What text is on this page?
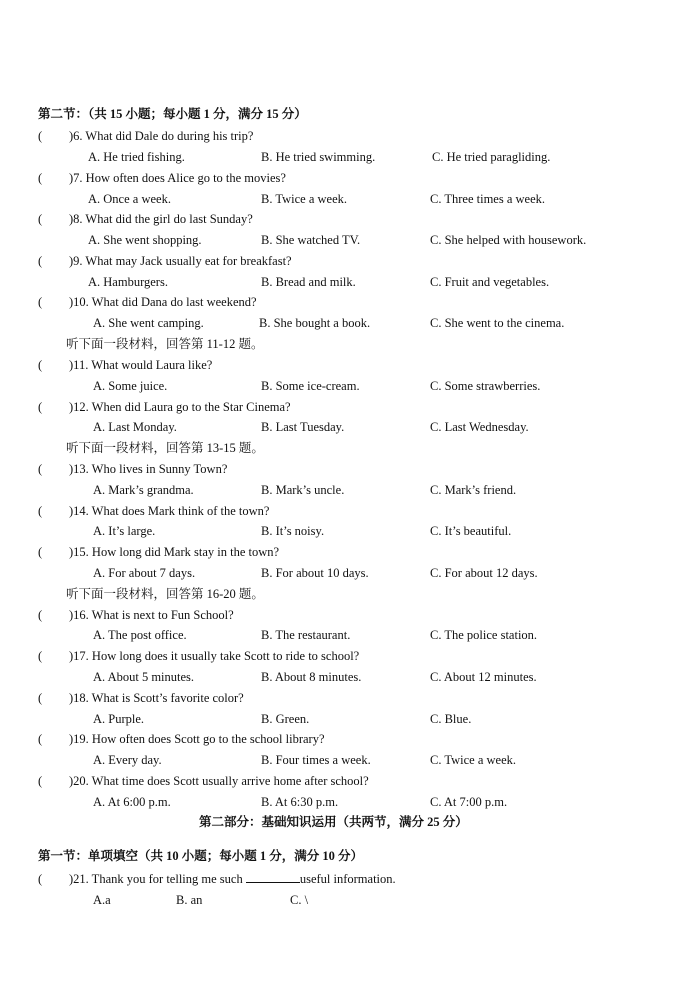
第二节：（共 15 小题；每小题 1 分，满分 15 分）
( )6. What did Dale do during his trip?
A. He tried fishing.	B. He tried swimming.	C. He tried paragliding.
( )7. How often does Alice go to the movies?
A. Once a week.	B. Twice a week.	C. Three times a week.
( )8. What did the girl do last Sunday?
A. She went shopping.	B. She watched TV.	C. She helped with housework.
( )9. What may Jack usually eat for breakfast?
A. Hamburgers.	B. Bread and milk.	C. Fruit and vegetables.
( )10. What did Dana do last weekend?
A. She went camping.	B. She bought a book.	C. She went to the cinema.
听下面一段材料，回答第 11-12 题。
( )11. What would Laura like?
A. Some juice.	B. Some ice-cream.	C. Some strawberries.
( )12. When did Laura go to the Star Cinema?
A. Last Monday.	B. Last Tuesday.	C. Last Wednesday.
听下面一段材料，回答第 13-15 题。
( )13. Who lives in Sunny Town?
A. Mark’s grandma.	B. Mark’s uncle.	C. Mark’s friend.
( )14. What does Mark think of the town?
A. It’s large.	B. It’s noisy.	C. It’s beautiful.
( )15. How long did Mark stay in the town?
A. For about 7 days.	B. For about 10 days.	C. For about 12 days.
听下面一段材料，回答第 16-20 题。
( )16. What is next to Fun School?
A. The post office.	B. The restaurant.	C. The police station.
( )17. How long does it usually take Scott to ride to school?
A. About 5 minutes.	B. About 8 minutes.	C. About 12 minutes.
( )18. What is Scott’s favorite color?
A. Purple.	B. Green.	C. Blue.
( )19. How often does Scott go to the school library?
A. Every day.	B. Four times a week.	C. Twice a week.
( )20. What time does Scott usually arrive home after school?
A. At 6:00 p.m.	B. At 6:30 p.m.	C. At 7:00 p.m.
第二部分：基础知识运用（共两节，满分 25 分）
第一节：单项填空（共 10 小题；每小题 1 分，满分 10 分）
( )21. Thank you for telling me such	useful information.
A.a	B. an	C. \
